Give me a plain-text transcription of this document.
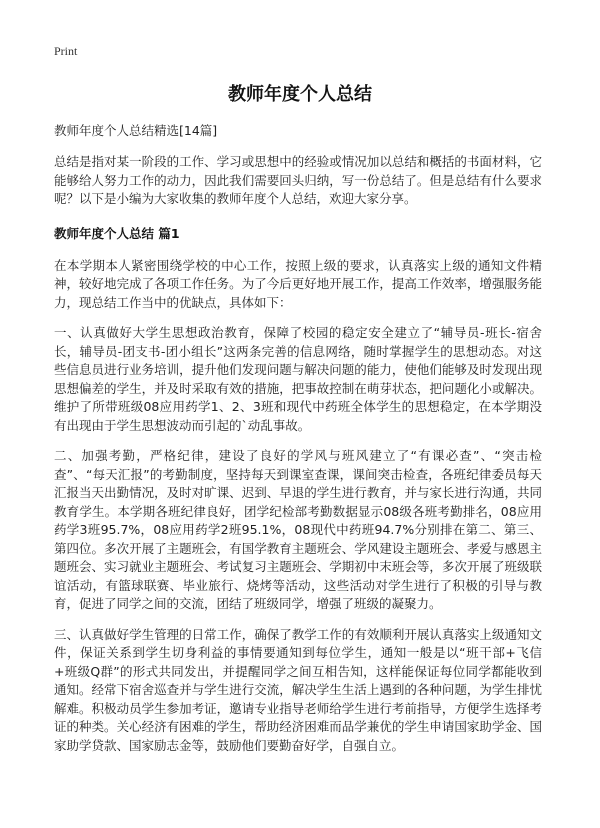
Print
教师年度个人总结

教师年度个人总结精选[14篇]

总结是指对某一阶段的工作、学习或思想中的经验或情况加以总结和概括的书面材料，它能够给人努力工作的动力，因此我们需要回头归纳，写一份总结了。但是总结有什么要求呢？以下是小编为大家收集的教师年度个人总结，欢迎大家分享。

教师年度个人总结 篇1

在本学期本人紧密围绕学校的中心工作，按照上级的要求，认真落实上级的通知文件精神，较好地完成了各项工作任务。为了今后更好地开展工作，提高工作效率，增强服务能力，现总结工作当中的优缺点，具体如下：

一、认真做好大学生思想政治教育，保障了校园的稳定安全建立了“辅导员-班长-宿舍长，辅导员-团支书-团小组长”这两条完善的信息网络，随时掌握学生的思想动态。对这些信息员进行业务培训，提升他们发现问题与解决问题的能力，使他们能够及时发现出现思想偏差的学生，并及时采取有效的措施，把事故控制在萌芽状态，把问题化小或解决。维护了所带班级08应用药学1、2、3班和现代中药班全体学生的思想稳定，在本学期没有出现由于学生思想波动而引起的`动乱事故。

二、加强考勤，严格纪律，建设了良好的学风与班风建立了“有课必查”、“突击检查”、“每天汇报”的考勤制度，坚持每天到课室查课，课间突击检查，各班纪律委员每天汇报当天出勤情况，及时对旷课、迟到、早退的学生进行教育，并与家长进行沟通，共同教育学生。本学期各班纪律良好，团学纪检部考勤数据显示08级各班考勤排名，08应用药学3班95.7%，08应用药学2班95.1%，08现代中药班94.7%分别排在第二、第三、第四位。多次开展了主题班会，有国学教育主题班会、学风建设主题班会、孝爱与感恩主题班会、实习就业主题班会、考试复习主题班会、学期初中末班会等，多次开展了班级联谊活动，有篮球联赛、毕业旅行、烧烤等活动，这些活动对学生进行了积极的引导与教育，促进了同学之间的交流，团结了班级同学，增强了班级的凝聚力。

三、认真做好学生管理的日常工作，确保了教学工作的有效顺利开展认真落实上级通知文件，保证关系到学生切身利益的事情要通知到每位学生，通知一般是以“班干部+飞信+班级Q群”的形式共同发出，并提醒同学之间互相告知，这样能保证每位同学都能收到通知。经常下宿舍巡查并与学生进行交流，解决学生生活上遇到的各种问题，为学生排忧解难。积极动员学生参加考证，邀请专业指导老师给学生进行考前指导，方便学生选择考证的种类。关心经济有困难的学生，帮助经济困难而品学兼优的学生申请国家助学金、国家助学贷款、国家励志金等，鼓励他们要勤奋好学，自强自立。
